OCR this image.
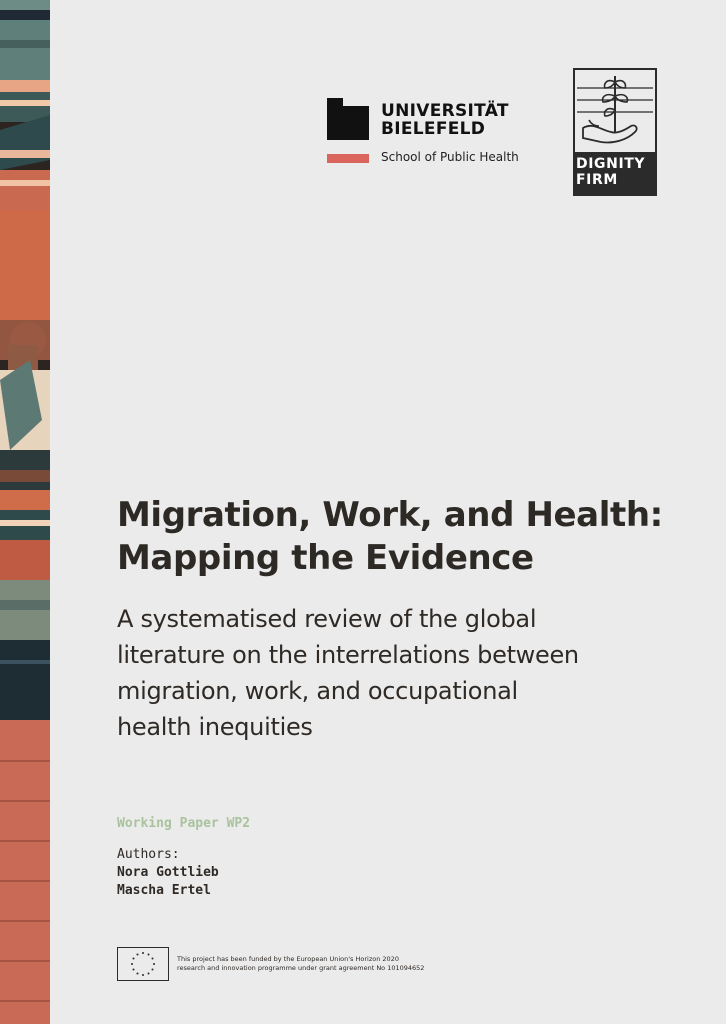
UNIVERSITÄT
BIELEFELD
School of Public Health	DIGNITY
FIRM
Migration, Work, and Health:
Mapping the Evidence
A systematised review of the global
literature on the interrelations between
migration, work, and occupational
health inequities
Working Paper WP2
Authors:
Nora Gottlieb
Mascha Ertel
This project has been funded by the European Union's Horizon 2020
research and innovation programme under grant agreement No 101094652
